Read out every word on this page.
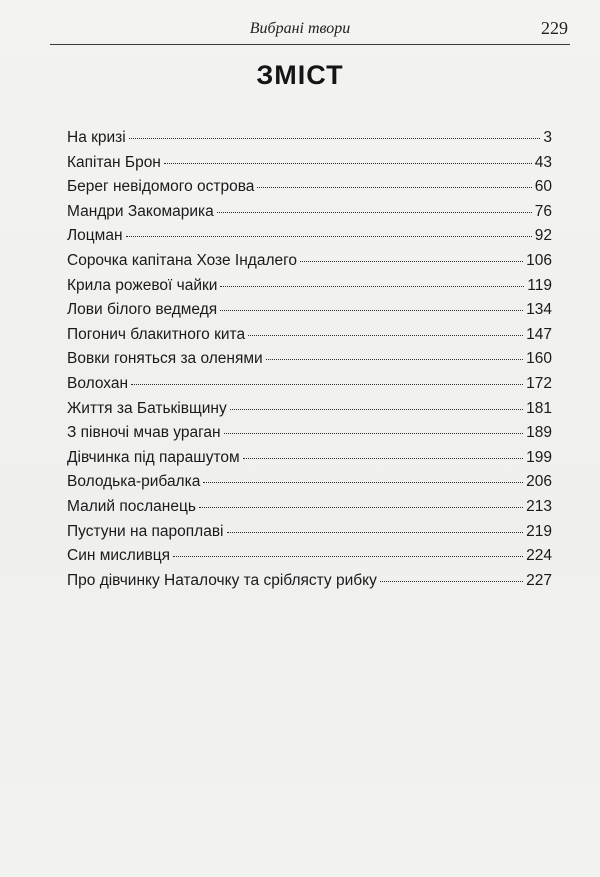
Вибрані твори	229
ЗМІСТ
На кризі	3
Капітан Брон	43
Берег невідомого острова	60
Мандри Закомарика	76
Лоцман	92
Сорочка капітана Хозе Індалего	106
Крила рожевої чайки	119
Лови білого ведмедя	134
Погонич блакитного кита	147
Вовки гоняться за оленями	160
Волохан	172
Життя за Батьківщину	181
З півночі мчав ураган	189
Дівчинка під парашутом	199
Володька-рибалка	206
Малий посланець	213
Пустуни на пароплаві	219
Син мисливця	224
Про дівчинку Наталочку та сріблясту рибку	227
